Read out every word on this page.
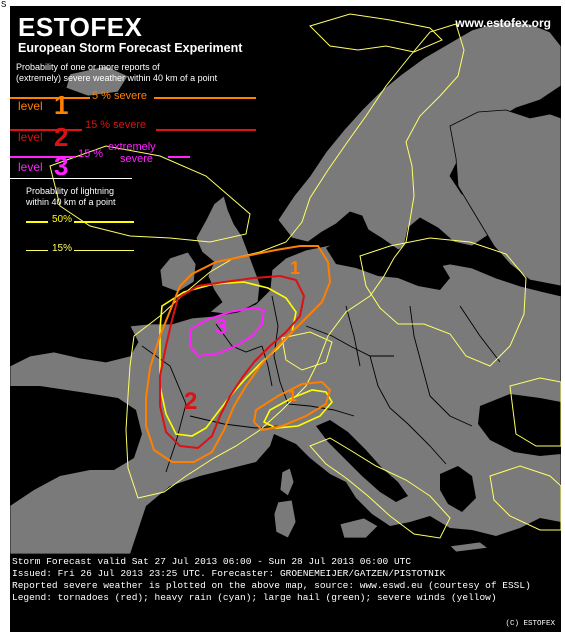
S
ESTOFEX
European Storm Forecast Experiment
www.estofex.org
Probability of one or more reports of
(extremely) severe weather within 40 km of a point
level 1 5 % severe
level 2 15 % severe
level 3 15 %
extremely
severe
Probability of lightning
within 40 km of a point
50%
15%
1
3
2	1
Storm Forecast valid Sat 27 Jul 2013 06:00 - Sun 28 Jul 2013 06:00 UTC
Issued: Fri 26 Jul 2013 23:25 UTC. Forecaster: GROENEMEIJER/GATZEN/PISTOTNIK
Reported severe weather is plotted on the above map, source: www.eswd.eu (courtesy of ESSL)
Legend: tornadoes (red); heavy rain (cyan); large hail (green); severe winds (yellow)
(C) ESTOFEX
